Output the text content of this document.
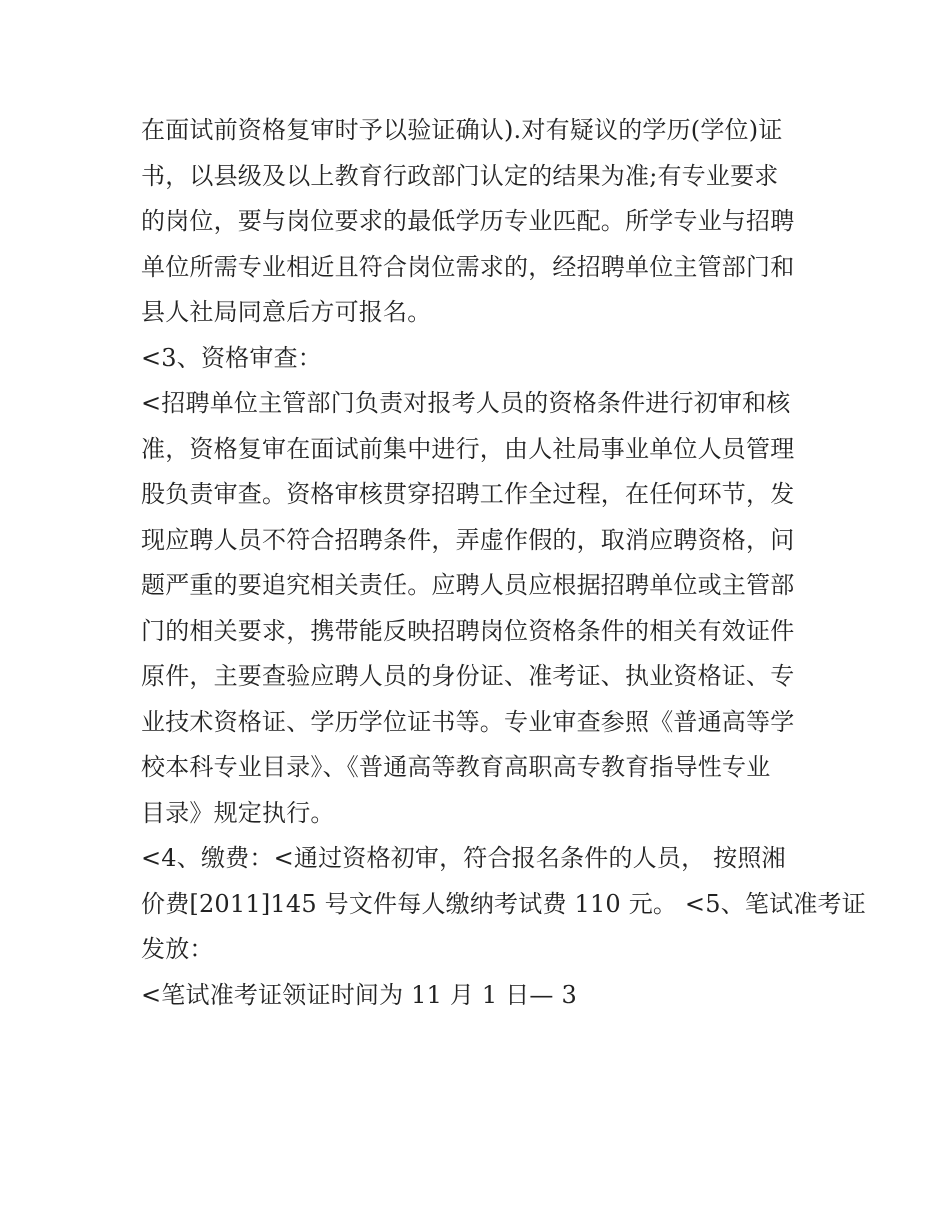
在面试前资格复审时予以验证确认).对有疑议的学历(学位)证
书，以县级及以上教育行政部门认定的结果为准;有专业要求
的岗位，要与岗位要求的最低学历专业匹配。所学专业与招聘
单位所需专业相近且符合岗位需求的，经招聘单位主管部门和
县人社局同意后方可报名。
<3、资格审查：
<招聘单位主管部门负责对报考人员的资格条件进行初审和核
准，资格复审在面试前集中进行，由人社局事业单位人员管理
股负责审查。资格审核贯穿招聘工作全过程，在任何环节，发
现应聘人员不符合招聘条件，弄虚作假的，取消应聘资格，问
题严重的要追究相关责任。应聘人员应根据招聘单位或主管部
门的相关要求，携带能反映招聘岗位资格条件的相关有效证件
原件，主要查验应聘人员的身份证、准考证、执业资格证、专
业技术资格证、学历学位证书等。专业审查参照《普通高等学
校本科专业目录》、《普通高等教育高职高专教育指导性专业
目录》规定执行。
<4、缴费：<通过资格初审，符合报名条件的人员， 按照湘
价费[2011]145 号文件每人缴纳考试费 110 元。 <5、笔试准考证
发放：
<笔试准考证领证时间为 11 月 1 日— 3
